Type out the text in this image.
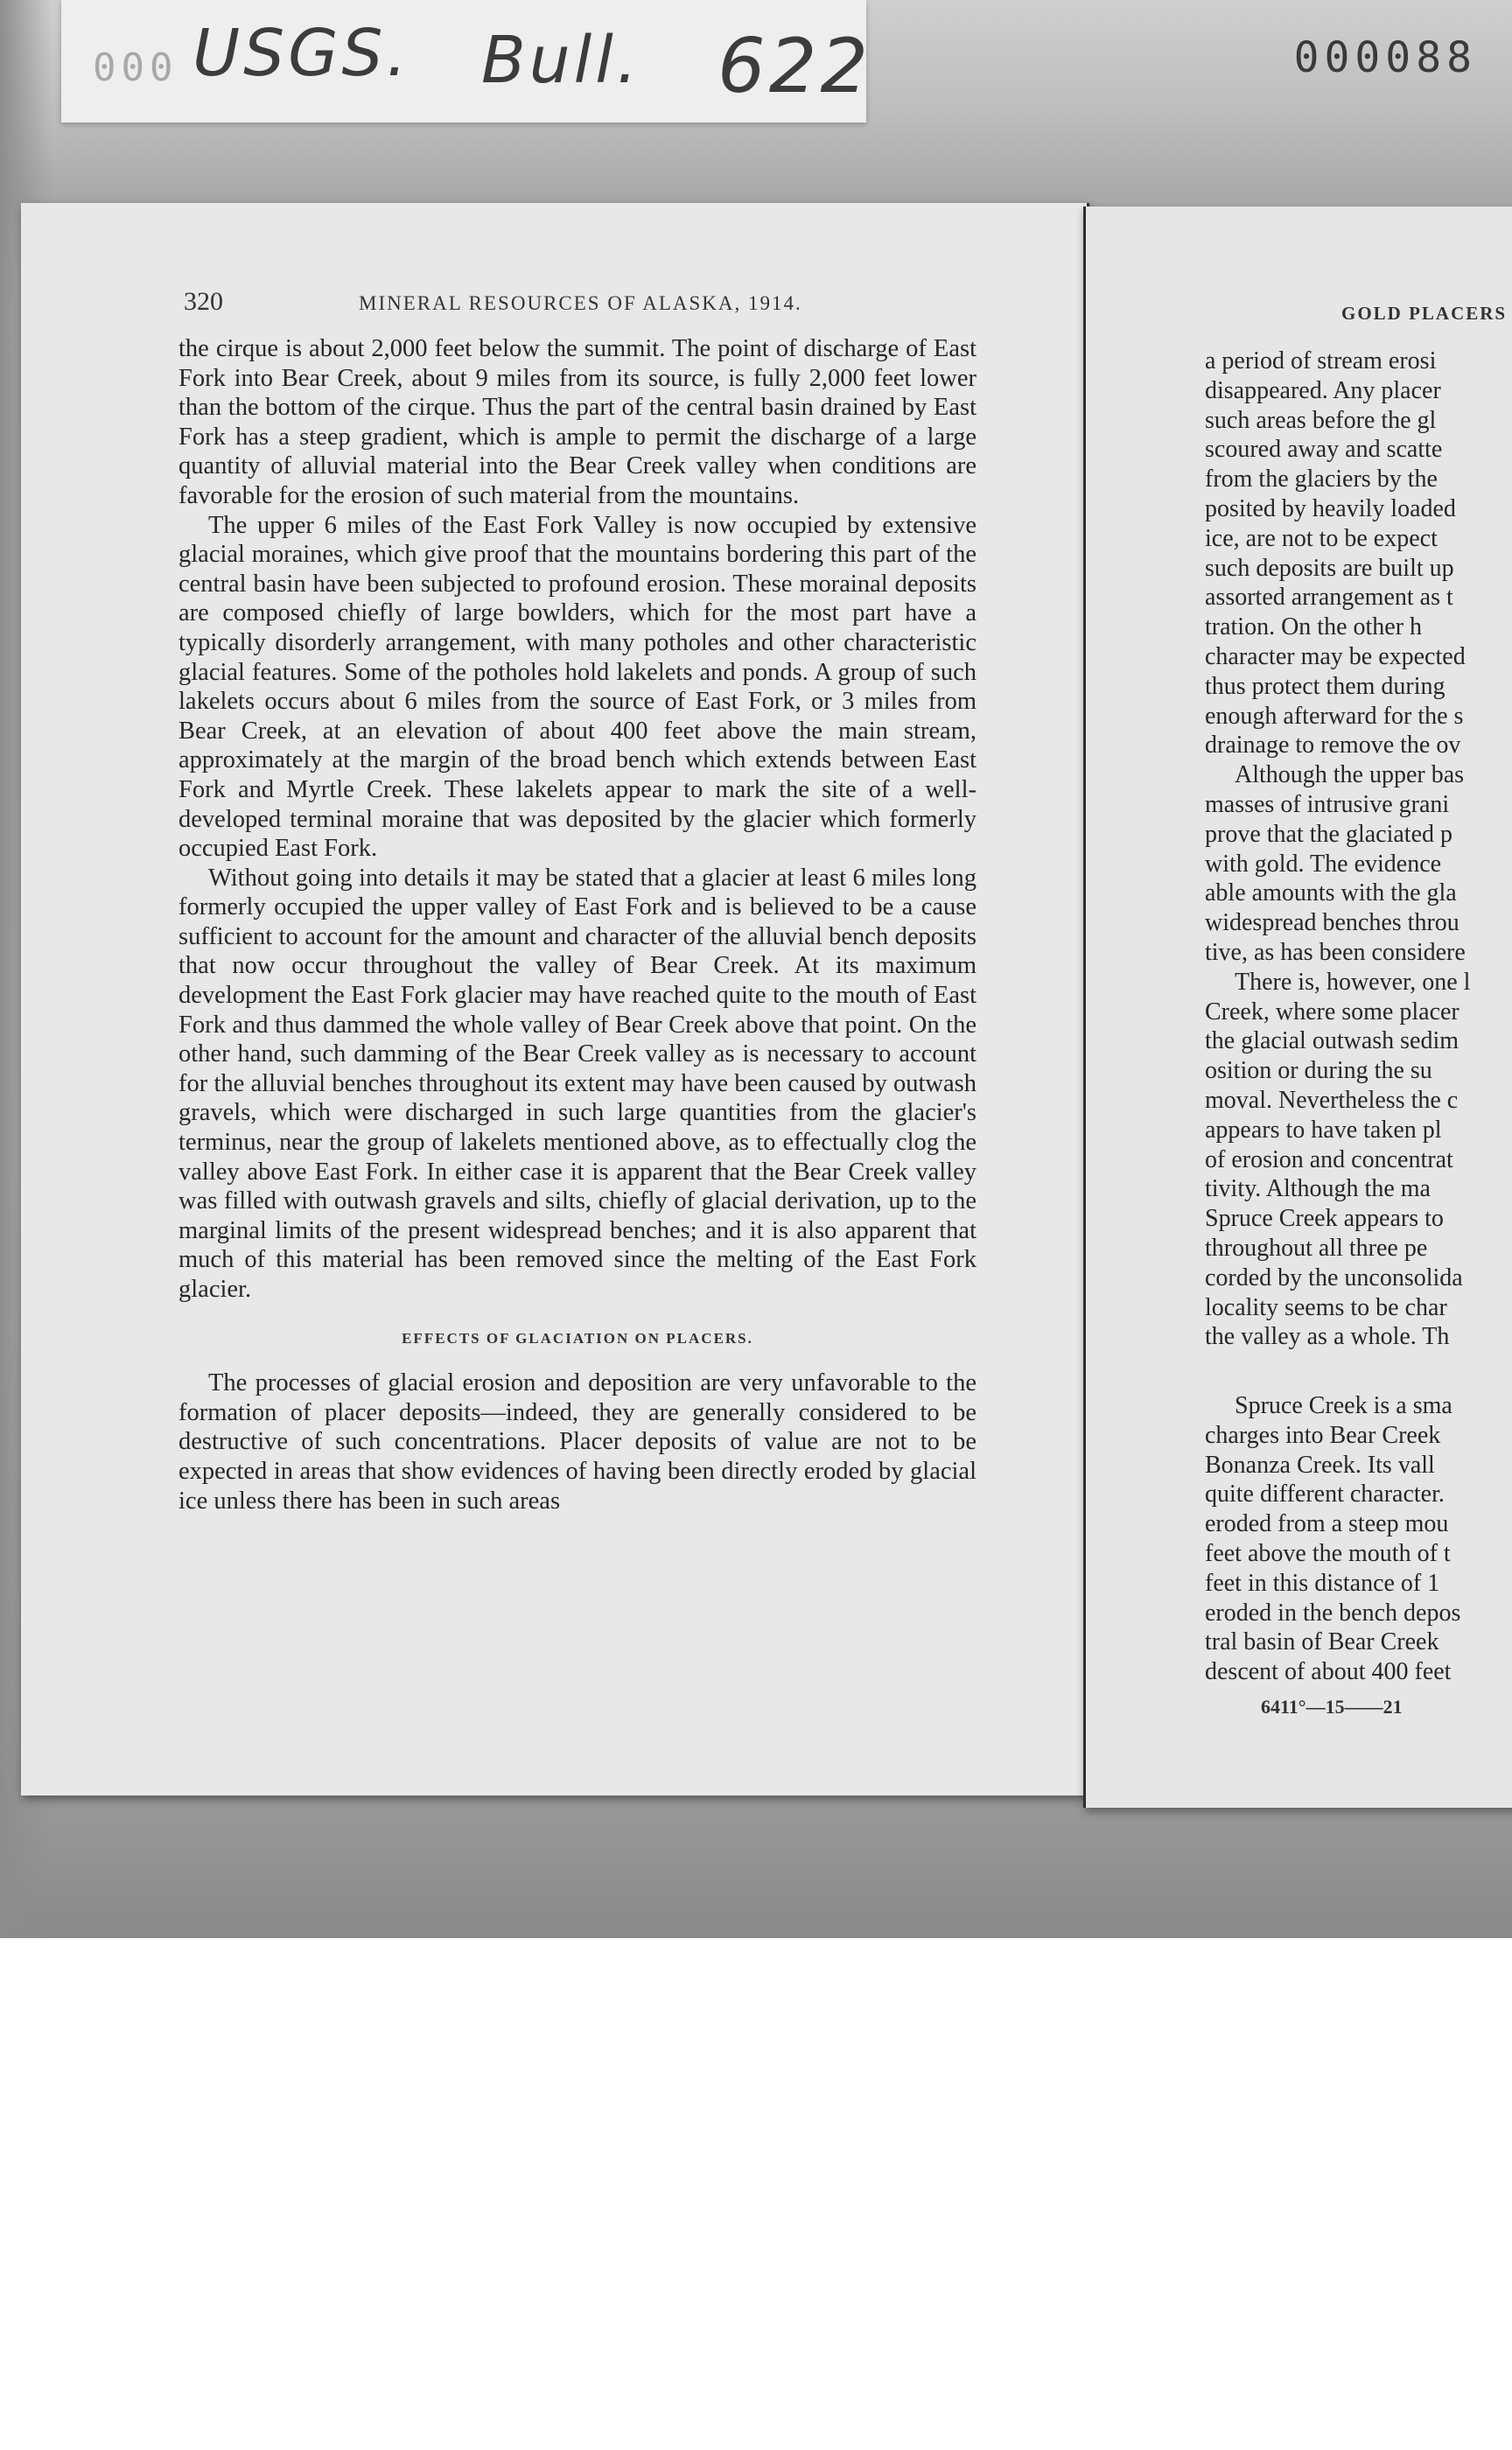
000 USGS. Bull. 622	000088
320	MINERAL RESOURCES OF ALASKA, 1914.

the cirque is about 2,000 feet below the summit. The point of discharge of East Fork into Bear Creek, about 9 miles from its source, is fully 2,000 feet lower than the bottom of the cirque. Thus the part of the central basin drained by East Fork has a steep gradient, which is ample to permit the discharge of a large quantity of alluvial material into the Bear Creek valley when conditions are favorable for the erosion of such material from the mountains.

The upper 6 miles of the East Fork Valley is now occupied by extensive glacial moraines, which give proof that the mountains bordering this part of the central basin have been subjected to profound erosion. These morainal deposits are composed chiefly of large bowlders, which for the most part have a typically disorderly arrangement, with many potholes and other characteristic glacial features. Some of the potholes hold lakelets and ponds. A group of such lakelets occurs about 6 miles from the source of East Fork, or 3 miles from Bear Creek, at an elevation of about 400 feet above the main stream, approximately at the margin of the broad bench which extends between East Fork and Myrtle Creek. These lakelets appear to mark the site of a well-developed terminal moraine that was deposited by the glacier which formerly occupied East Fork.

Without going into details it may be stated that a glacier at least 6 miles long formerly occupied the upper valley of East Fork and is believed to be a cause sufficient to account for the amount and character of the alluvial bench deposits that now occur throughout the valley of Bear Creek. At its maximum development the East Fork glacier may have reached quite to the mouth of East Fork and thus dammed the whole valley of Bear Creek above that point. On the other hand, such damming of the Bear Creek valley as is necessary to account for the alluvial benches throughout its extent may have been caused by outwash gravels, which were discharged in such large quantities from the glacier's terminus, near the group of lakelets mentioned above, as to effectually clog the valley above East Fork. In either case it is apparent that the Bear Creek valley was filled with outwash gravels and silts, chiefly of glacial derivation, up to the marginal limits of the present widespread benches; and it is also apparent that much of this material has been removed since the melting of the East Fork glacier.

EFFECTS OF GLACIATION ON PLACERS.

The processes of glacial erosion and deposition are very unfavorable to the formation of placer deposits—indeed, they are generally considered to be destructive of such concentrations. Placer deposits of value are not to be expected in areas that show evidences of having been directly eroded by glacial ice unless there has been in such areas

GOLD PLACERS
a period of stream erosi
disappeared. Any placer
such areas before the gl
scoured away and scatte
from the glaciers by the
posited by heavily loaded
ice, are not to be expect
such deposits are built up
assorted arrangement as t
tration. On the other h
character may be expected
thus protect them during
enough afterward for the s
drainage to remove the ov
Although the upper bas
masses of intrusive grani
prove that the glaciated p
with gold. The evidence
able amounts with the gla
widespread benches throu
tive, as has been considere
There is, however, one l
Creek, where some placer
the glacial outwash sedim
osition or during the su
moval. Nevertheless the c
appears to have taken pl
of erosion and concentrat
tivity. Although the ma
Spruce Creek appears to
throughout all three pe
corded by the unconsolida
locality seems to be char
the valley as a whole. Th
Spruce Creek is a sma
charges into Bear Creek
Bonanza Creek. Its vall
quite different character.
eroded from a steep mou
feet above the mouth of t
feet in this distance of 1
eroded in the bench depos
tral basin of Bear Creek
descent of about 400 feet
6411°—15——21
